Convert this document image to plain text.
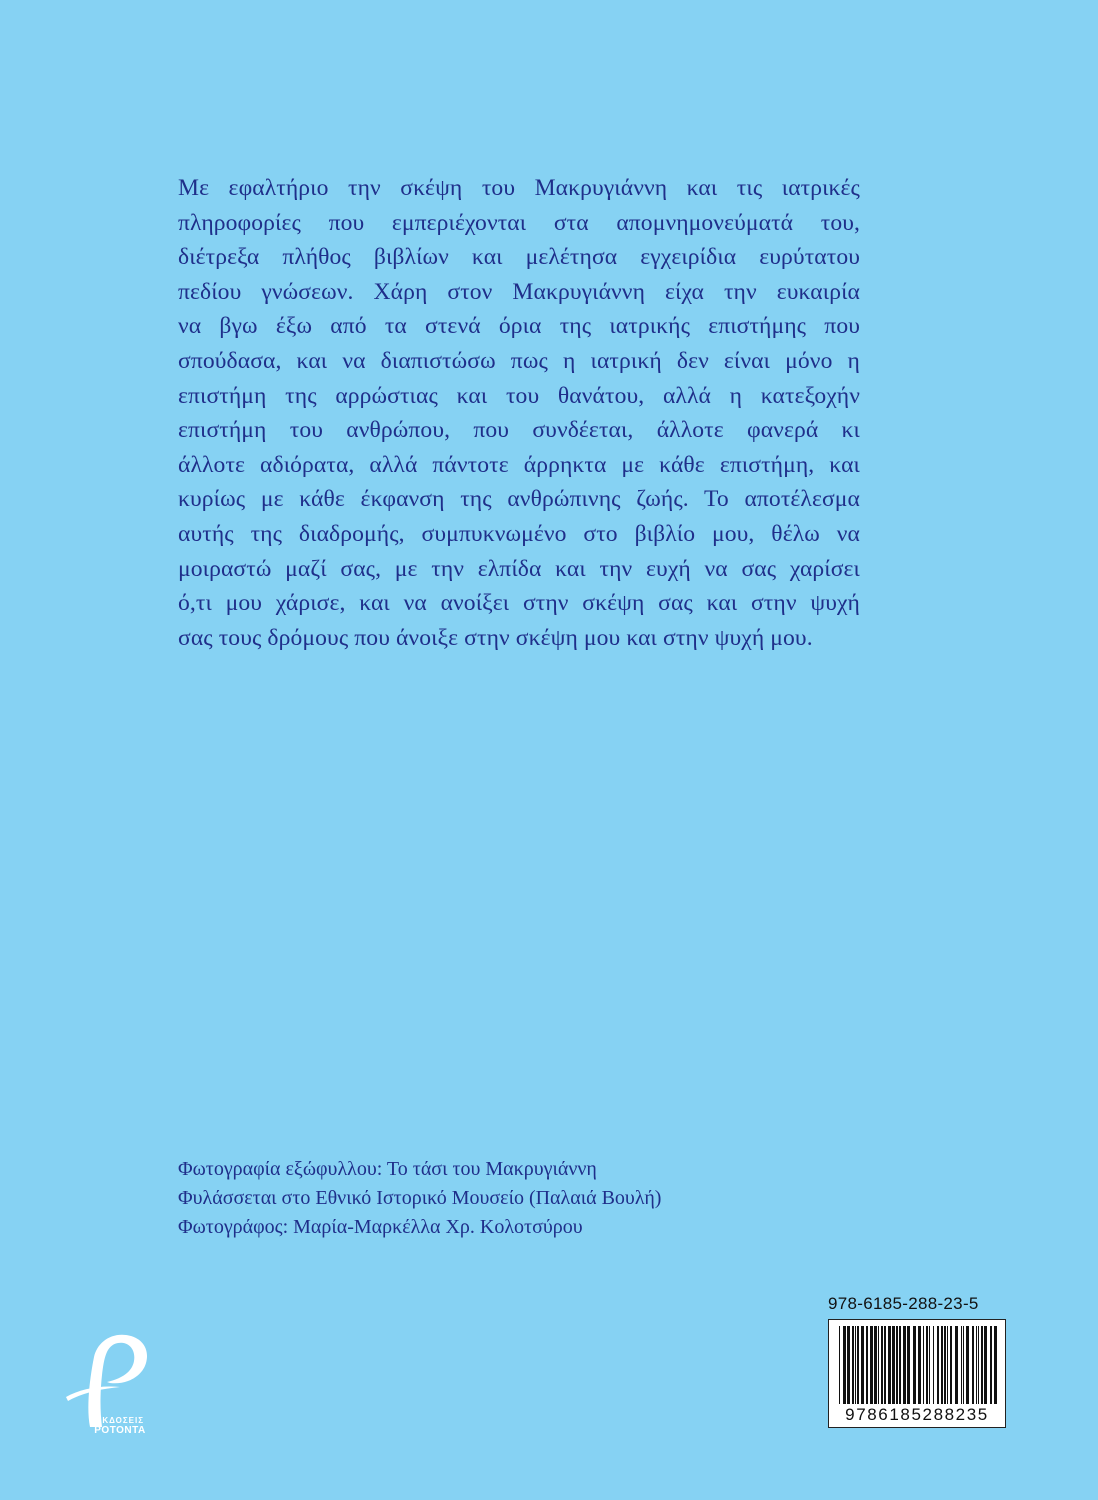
Με εφαλτήριο την σκέψη του Μακρυγιάννη και τις ιατρικές
πληροφορίες που εμπεριέχονται στα απομνημονεύματά του,
διέτρεξα πλήθος βιβλίων και μελέτησα εγχειρίδια ευρύτατου
πεδίου γνώσεων. Χάρη στον Μακρυγιάννη είχα την ευκαιρία
να βγω έξω από τα στενά όρια της ιατρικής επιστήμης που
σπούδασα, και να διαπιστώσω πως η ιατρική δεν είναι μόνο η
επιστήμη της αρρώστιας και του θανάτου, αλλά η κατεξοχήν
επιστήμη του ανθρώπου, που συνδέεται, άλλοτε φανερά κι
άλλοτε αδιόρατα, αλλά πάντοτε άρρηκτα με κάθε επιστήμη, και
κυρίως με κάθε έκφανση της ανθρώπινης ζωής. Το αποτέλεσμα
αυτής της διαδρομής, συμπυκνωμένο στο βιβλίο μου, θέλω να
μοιραστώ μαζί σας, με την ελπίδα και την ευχή να σας χαρίσει
ό,τι μου χάρισε, και να ανοίξει στην σκέψη σας και στην ψυχή
σας τους δρόμους που άνοιξε στην σκέψη μου και στην ψυχή μου.
Φωτογραφία εξώφυλλου: Το τάσι του Μακρυγιάννη
Φυλάσσεται στο Εθνικό Ιστορικό Μουσείο (Παλαιά Βουλή)
Φωτογράφος: Μαρία-Μαρκέλλα Χρ. Κολοτσύρου
978-6185-288-23-5
9786185288235
ΕΚΔΟΣΕΙΣ
ΡΟΤΟΝΤΑ
